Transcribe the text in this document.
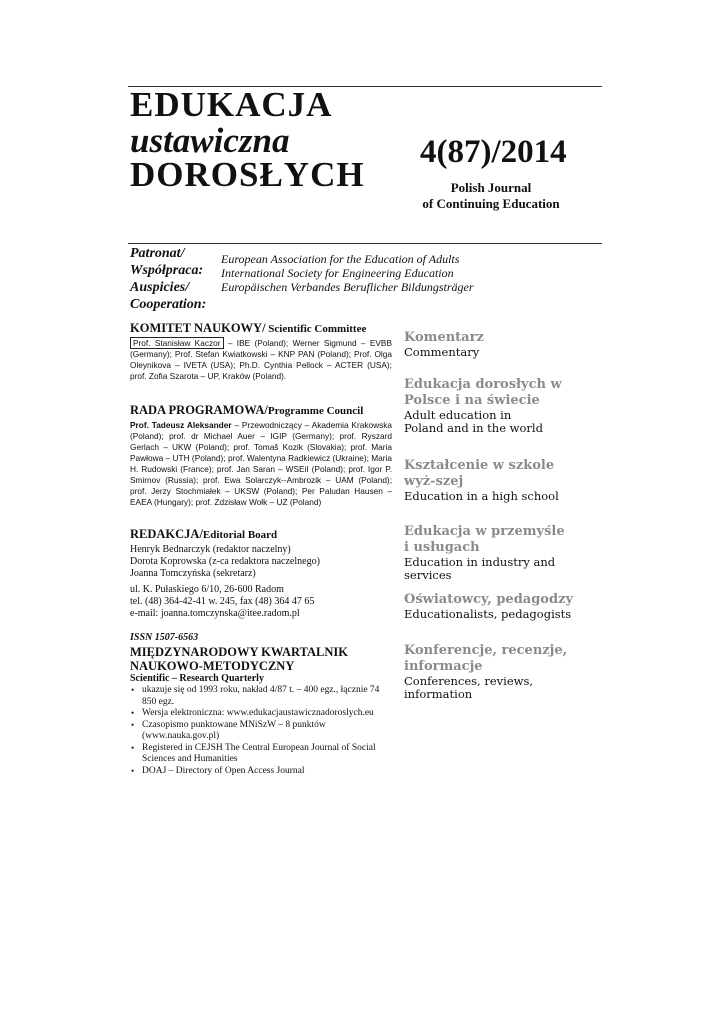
EDUKACJA
ustawiczna
DOROSŁYCH
4(87)/2014
Polish Journal
of Continuing Education
Patronat/
Współpraca:
Auspicies/
Cooperation:
European Association for the Education of Adults
International Society for Engineering Education
Europäischen Verbandes Beruflicher Bildungsträger
KOMITET NAUKOWY/ Scientific Committee
Prof. Stanisław Kaczor – IBE (Poland); Werner Sigmund – EVBB (Germany); Prof. Stefan Kwiatkowski – KNP PAN (Poland); Prof. Olga Oleynikova – IVETA (USA); Ph.D. Cynthia Pellock – ACTER (USA); prof. Zofia Szarota – UP, Kraków (Poland).
RADA PROGRAMOWA/Programme Council
Prof. Tadeusz Aleksander – Przewodniczący – Akademia Krakowska (Poland); prof. dr Michael Auer – IGIP (Germany); prof. Ryszard Gerlach – UKW (Poland); prof. Tomaš Kozik (Slovakia); prof. Maria Pawłowa – UTH (Poland); prof. Walentyna Radkiewicz (Ukraine); Maria H. Rudowski (France); prof. Jan Saran – WSEiI (Poland); prof. Igor P. Smirnov (Russia); prof. Ewa Solarczyk--Ambrozik – UAM (Poland); prof. Jerzy Stochmiałek – UKSW (Poland); Per Paludan Hausen – EAEA (Hungary); prof. Zdzisław Wołk – UZ (Poland)
REDAKCJA/Editorial Board
Henryk Bednarczyk (redaktor naczelny)
Dorota Koprowska (z-ca redaktora naczelnego)
Joanna Tomczyńska (sekretarz)
ul. K. Pułaskiego 6/10, 26-600 Radom
tel. (48) 364-42-41 w. 245, fax (48) 364 47 65
e-mail: joanna.tomczynska@itee.radom.pl
ISSN 1507-6563
MIĘDZYNARODOWY KWARTALNIK
NAUKOWO-METODYCZNY
Scientific – Research Quarterly
• ukazuje się od 1993 roku, nakład 4/87 t. – 400 egz., łącznie 74 850 egz.
• Wersja elektroniczna: www.edukacjaustawicznadoroslych.eu
• Czasopismo punktowane MNiSzW – 8 punktów (www.nauka.gov.pl)
• Registered in CEJSH The Central European Journal of Social Sciences and Humanities
• DOAJ – Directory of Open Access Journal
Komentarz
Commentary
Edukacja dorosłych w Polsce i na świecie
Adult education in Poland and in the world
Kształcenie w szkole wyż-szej
Education in a high school
Edukacja w przemyśle i usługach
Education in industry and services
Oświatowcy, pedagodzy
Educationalists, pedagogists
Konferencje, recenzje, informacje
Conferences, reviews, information
